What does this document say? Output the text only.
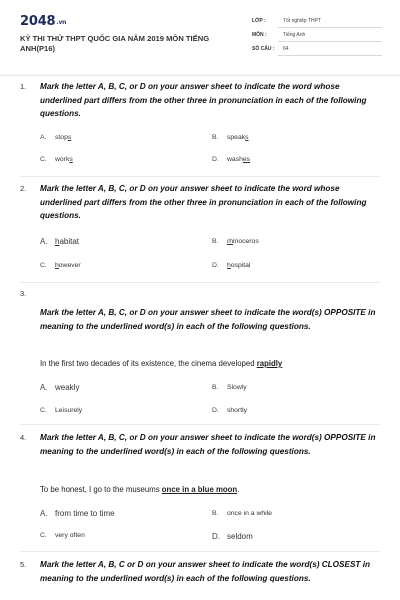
2048.vn
KỲ THI THỬ THPT QUỐC GIA NĂM 2019 MÔN TIẾNG ANH(P16)
LỚP :	Tốt nghiệp THPT
MÔN :	Tiếng Anh
SỐ CÂU : 64
1. Mark the letter A, B, C, or D on your answer sheet to indicate the word whose underlined part differs from the other three in pronunciation in each of the following questions.
A. stops	B. speaks
C. works	D. washes
2. Mark the letter A, B, C, or D on your answer sheet to indicate the word whose underlined part differs from the other three in pronunciation in each of the following questions.
A. habitat	B. rhinoceros
C. however	D. hospital
3.
Mark the letter A, B, C, or D on your answer sheet to indicate the word(s) OPPOSITE in meaning to the underlined word(s) in each of the following questions.
In the first two decades of its existence, the cinema developed rapidly
A. weakly	B. Slowly
C. Leisurely	D. shortly
4. Mark the letter A, B, C, or D on your answer sheet to indicate the word(s) OPPOSITE in meaning to the underlined word(s) in each of the following questions.
To be honest, I go to the museums once in a blue moon.
A. from time to time	B. once in a while
C. very often	D. seldom
5. Mark the letter A, B, C or D on your answer sheet to indicate the word(s) CLOSEST in meaning to the underlined word(s) in each of the following questions.
